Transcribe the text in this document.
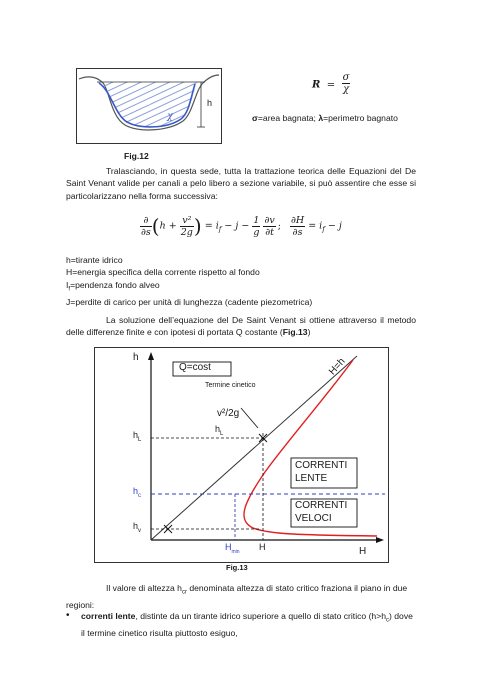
σ
χ
h
Fig.12
$R = \frac{\sigma}{\chi}$
σ=area bagnata; λ=perimetro bagnato

Tralasciando, in questa sede, tutta la trattazione teorica delle Equazioni del De Saint Venant valide per canali a pelo libero a sezione variabile, si può assentire che esse si particolarizzano nella forma successiva:

$\frac{\partial}{\partial s} (h + \frac{\text{v²}}{2g}$ ) = $i_f - j - \frac{1}{g}$
$\frac{\partial v}{\partial t}$ ; $\frac{\partial H}{\partial s} = i_f - j$
h=tirante idrico
H=energia specifica della corrente rispetto al fondo
$I_f=pendenza$ fondo alveo
J=perdite di carico per unità di lunghezza (cadente piezometrica)

La soluzione dell’equazione del De Saint Venant si ottiene attraverso il metodo delle differenze finite e con ipotesi di portata Q costante (Fig.13)

h
H
Q=cost	H=h
Termine cinetico
v²/2g
$h_L$
$h_L$
$h_c$
$h_v$
$H_{min}$ H
CORRENTI
LENTE
CORRENTI
VELOCI
Fig.13

Il valore di altezza $h_{cr}$ denominata altezza di stato critico fraziona il piano in due regioni:

• correnti lente, distinte da un tirante idrico superiore a quello di stato critico $(h>h_c)$ dove il termine cinetico risulta piuttosto esiguo,
